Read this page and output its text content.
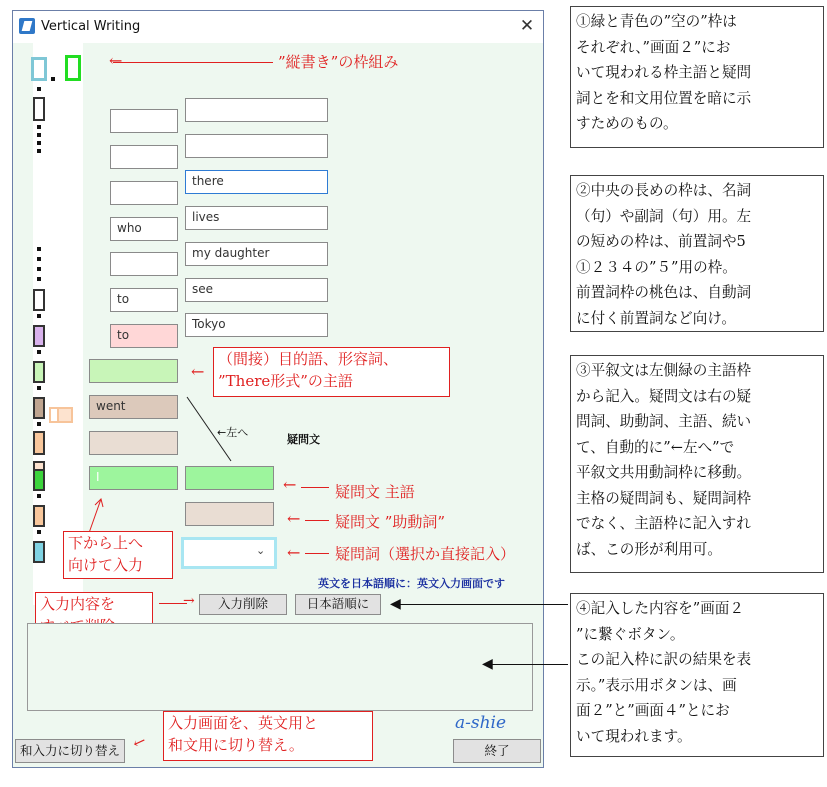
Vertical Writing	✕
←	”縦書き”の枠組み
who
to
to
there
lives
my daughter
see
Tokyo
went
I
⌄
←左へ
疑問文
←
（間接）目的語、形容詞、
”There形式”の主語
←	疑問文 主語
← 疑問文 ”助動詞”
← 疑問詞（選択か直接記入）
下から上へ
向けて入力
英文を日本語順に：英文入力画面です
入力内容を	→	入力削除	日本語順に
a-shie
←
入力画面を、英文用と
和文用に切り替え。
和入力に切り替え	終了
◀
◀
①緑と青色の”空の”枠は
それぞれ、”画面２”にお
いて現われる枠主語と疑問
詞とを和文用位置を暗に示
すためのもの。
②中央の長めの枠は、名詞
（句）や副詞（句）用。左
の短めの枠は、前置詞や5
①２３４の”５”用の枠。
前置詞枠の桃色は、自動詞
に付く前置詞など向け。
③平叙文は左側緑の主語枠
から記入。疑問文は右の疑
問詞、助動詞、主語、続い
て、自動的に”←左へ”で
平叙文共用動詞枠に移動。
主格の疑問詞も、疑問詞枠
でなく、主語枠に記入すれ
ば、この形が利用可。
④記入した内容を”画面２
”に繋ぐボタン。
この記入枠に訳の結果を表
示。”表示用ボタンは、画
面２”と”画面４”とにお
いて現われます。
